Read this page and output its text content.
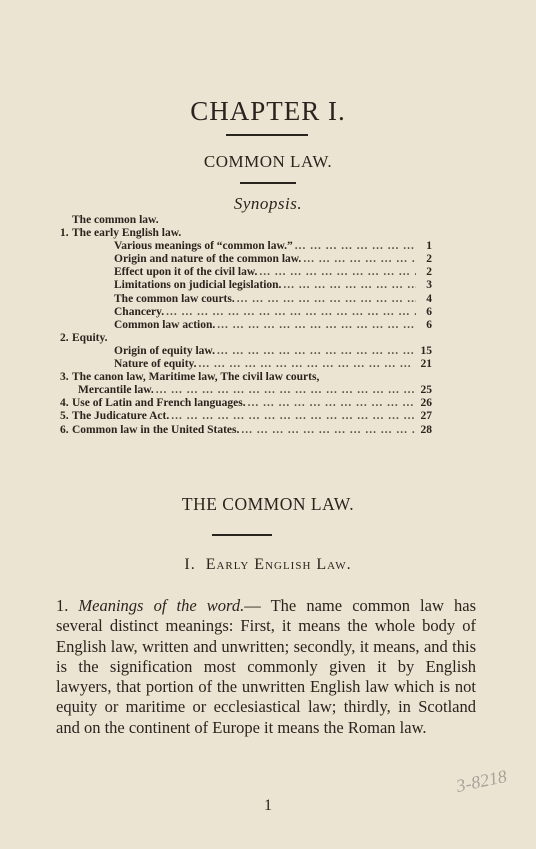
CHAPTER I.
COMMON LAW.
Synopsis.
The common law.
1. The early English law.
Various meanings of “common law.” ... .	1
Origin and nature of the common law. ... .	2
Effect upon it of the civil law. ... .	2
Limitations on judicial legislation. ... .	3
The common law courts. ... .	4
Chancery. ... .	6
Common law action. ... .	6
2. Equity.
Origin of equity law. ... .	15
Nature of equity. ... .	21
3. The canon law, Maritime law, The civil law courts,
Mercantile law. ... .	25
4. Use of Latin and French languages. ... .	26
5. The Judicature Act. ... .	27
6. Common law in the United States. ... .	28
THE COMMON LAW.
I. Early English Law.
1. Meanings of the word.— The name common law has several distinct meanings: First, it means the whole body of English law, written and unwritten; secondly, it means, and this is the signification most commonly given it by English lawyers, that portion of the unwritten English law which is not equity or maritime or ecclesiastical law; thirdly, in Scotland and on the continent of Europe it means the Roman law.
1
3-8218
